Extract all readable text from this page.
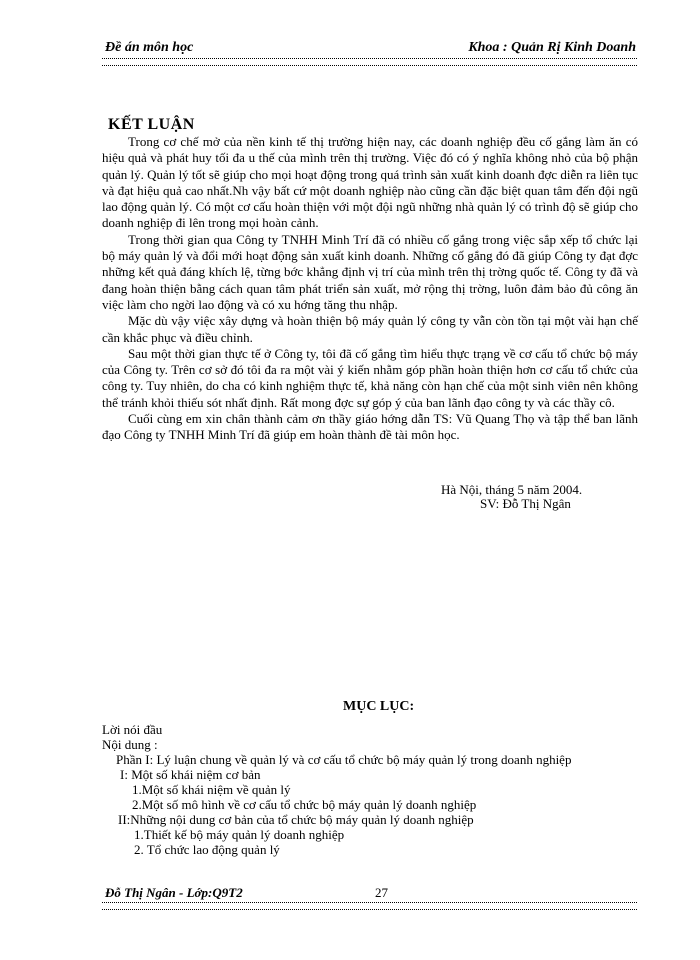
Đề án môn học	Khoa : Quản Rị Kinh Doanh
KẾT LUẬN

Trong cơ chế mở của nền kinh tế thị trường hiện nay, các doanh nghiệp đều cố gắng làm ăn có hiệu quả và phát huy tối đa u thế của mình trên thị trường. Việc đó có ý nghĩa không nhỏ của bộ phận quản lý. Quản lý tốt sẽ giúp cho mọi hoạt động trong quá trình sản xuất kinh doanh đợc diễn ra liên tục và đạt hiệu quả cao nhất.Nh vậy bất cứ một doanh nghiệp nào cũng cần đặc biệt quan tâm đến đội ngũ lao động quản lý. Có một cơ cấu hoàn thiện với một đội ngũ những nhà quản lý có trình độ sẽ giúp cho doanh nghiệp đi lên trong mọi hoàn cảnh.

Trong thời gian qua Công ty TNHH Minh Trí đã có nhiều cố gắng trong việc sắp xếp tổ chức lại bộ máy quản lý và đổi mới hoạt động sản xuất kinh doanh. Những cố gắng đó đã giúp Công ty đạt đợc những kết quả đáng khích lệ, từng bớc khẳng định vị trí của mình trên thị trờng quốc tế. Công ty đã và đang hoàn thiện bằng cách quan tâm phát triển sản xuất, mở rộng thị trờng, luôn đảm bảo đủ công ăn việc làm cho ngời lao động và có xu hớng tăng thu nhập.

Mặc dù vậy việc xây dựng và hoàn thiện bộ máy quản lý công ty vẫn còn tồn tại một vài hạn chế cần khắc phục và điều chỉnh.

Sau một thời gian thực tế ở Công ty, tôi đã cố gắng tìm hiểu thực trạng về cơ cấu tổ chức bộ máy của Công ty. Trên cơ sở đó tôi đa ra một vài ý kiến nhằm góp phần hoàn thiện hơn cơ cấu tổ chức của công ty. Tuy nhiên, do cha có kinh nghiệm thực tế, khả năng còn hạn chế của một sinh viên nên không thể tránh khỏi thiếu sót nhất định. Rất mong đợc sự góp ý của ban lãnh đạo công ty và các thầy cô.

Cuối cùng em xin chân thành cảm ơn thầy giáo hớng dẫn TS: Vũ Quang Thọ và tập thể ban lãnh đạo Công ty TNHH Minh Trí đã giúp em hoàn thành đề tài môn học.

Hà Nội, tháng 5 năm 2004.
SV: Đỗ Thị Ngân
MỤC LỤC:
Lời nói đầu
Nội dung :
Phần I: Lý luận chung về quản lý và cơ cấu tổ chức bộ máy quản lý trong doanh nghiệp
I: Một số khái niệm cơ bản
1.Một số khái niệm về quản lý
2.Một số mô hình về cơ cấu tổ chức bộ máy quản lý doanh nghiệp
II:Những nội dung cơ bản của tổ chức bộ máy quản lý doanh nghiệp
1.Thiết kế bộ máy quản lý doanh nghiệp
2. Tổ chức lao động quản lý
Đỗ Thị Ngân - Lớp:Q9T2	27
